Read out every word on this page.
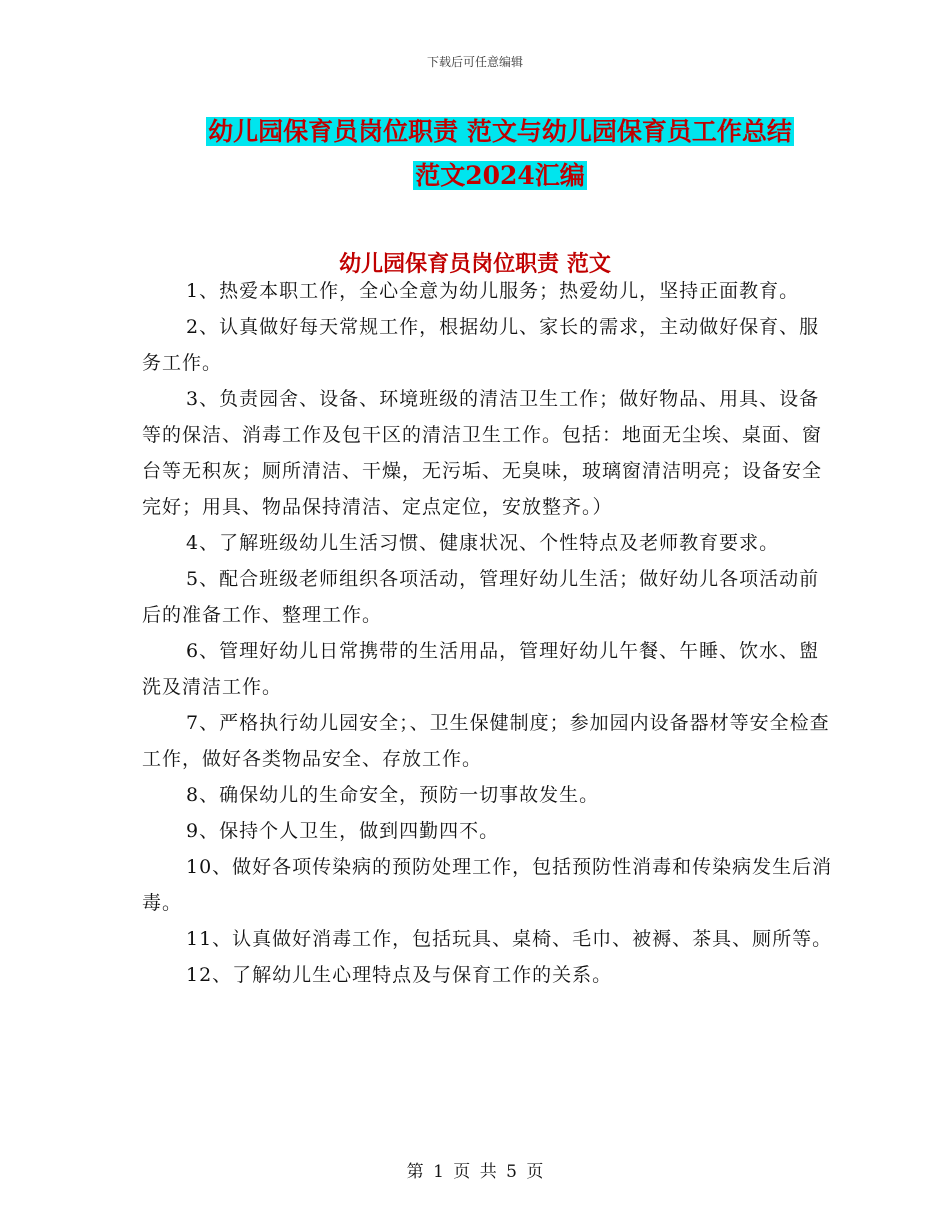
下载后可任意编辑
幼儿园保育员岗位职责 范文与幼儿园保育员工作总结
范文2024汇编
幼儿园保育员岗位职责 范文

1、热爱本职工作，全心全意为幼儿服务；热爱幼儿，坚持正面教育。

2、认真做好每天常规工作，根据幼儿、家长的需求，主动做好保育、服务工作。

3、负责园舍、设备、环境班级的清洁卫生工作；做好物品、用具、设备等的保洁、消毒工作及包干区的清洁卫生工作。包括：地面无尘埃、桌面、窗台等无积灰；厕所清洁、干燥，无污垢、无臭味，玻璃窗清洁明亮；设备安全完好；用具、物品保持清洁、定点定位，安放整齐。）

4、了解班级幼儿生活习惯、健康状况、个性特点及老师教育要求。

5、配合班级老师组织各项活动，管理好幼儿生活；做好幼儿各项活动前后的准备工作、整理工作。

6、管理好幼儿日常携带的生活用品，管理好幼儿午餐、午睡、饮水、盥洗及清洁工作。

7、严格执行幼儿园安全；、卫生保健制度；参加园内设备器材等安全检查工作，做好各类物品安全、存放工作。

8、确保幼儿的生命安全，预防一切事故发生。

9、保持个人卫生，做到四勤四不。

10、做好各项传染病的预防处理工作，包括预防性消毒和传染病发生后消毒。

11、认真做好消毒工作，包括玩具、桌椅、毛巾、被褥、茶具、厕所等。

12、了解幼儿生心理特点及与保育工作的关系。

第 1 页 共 5 页
